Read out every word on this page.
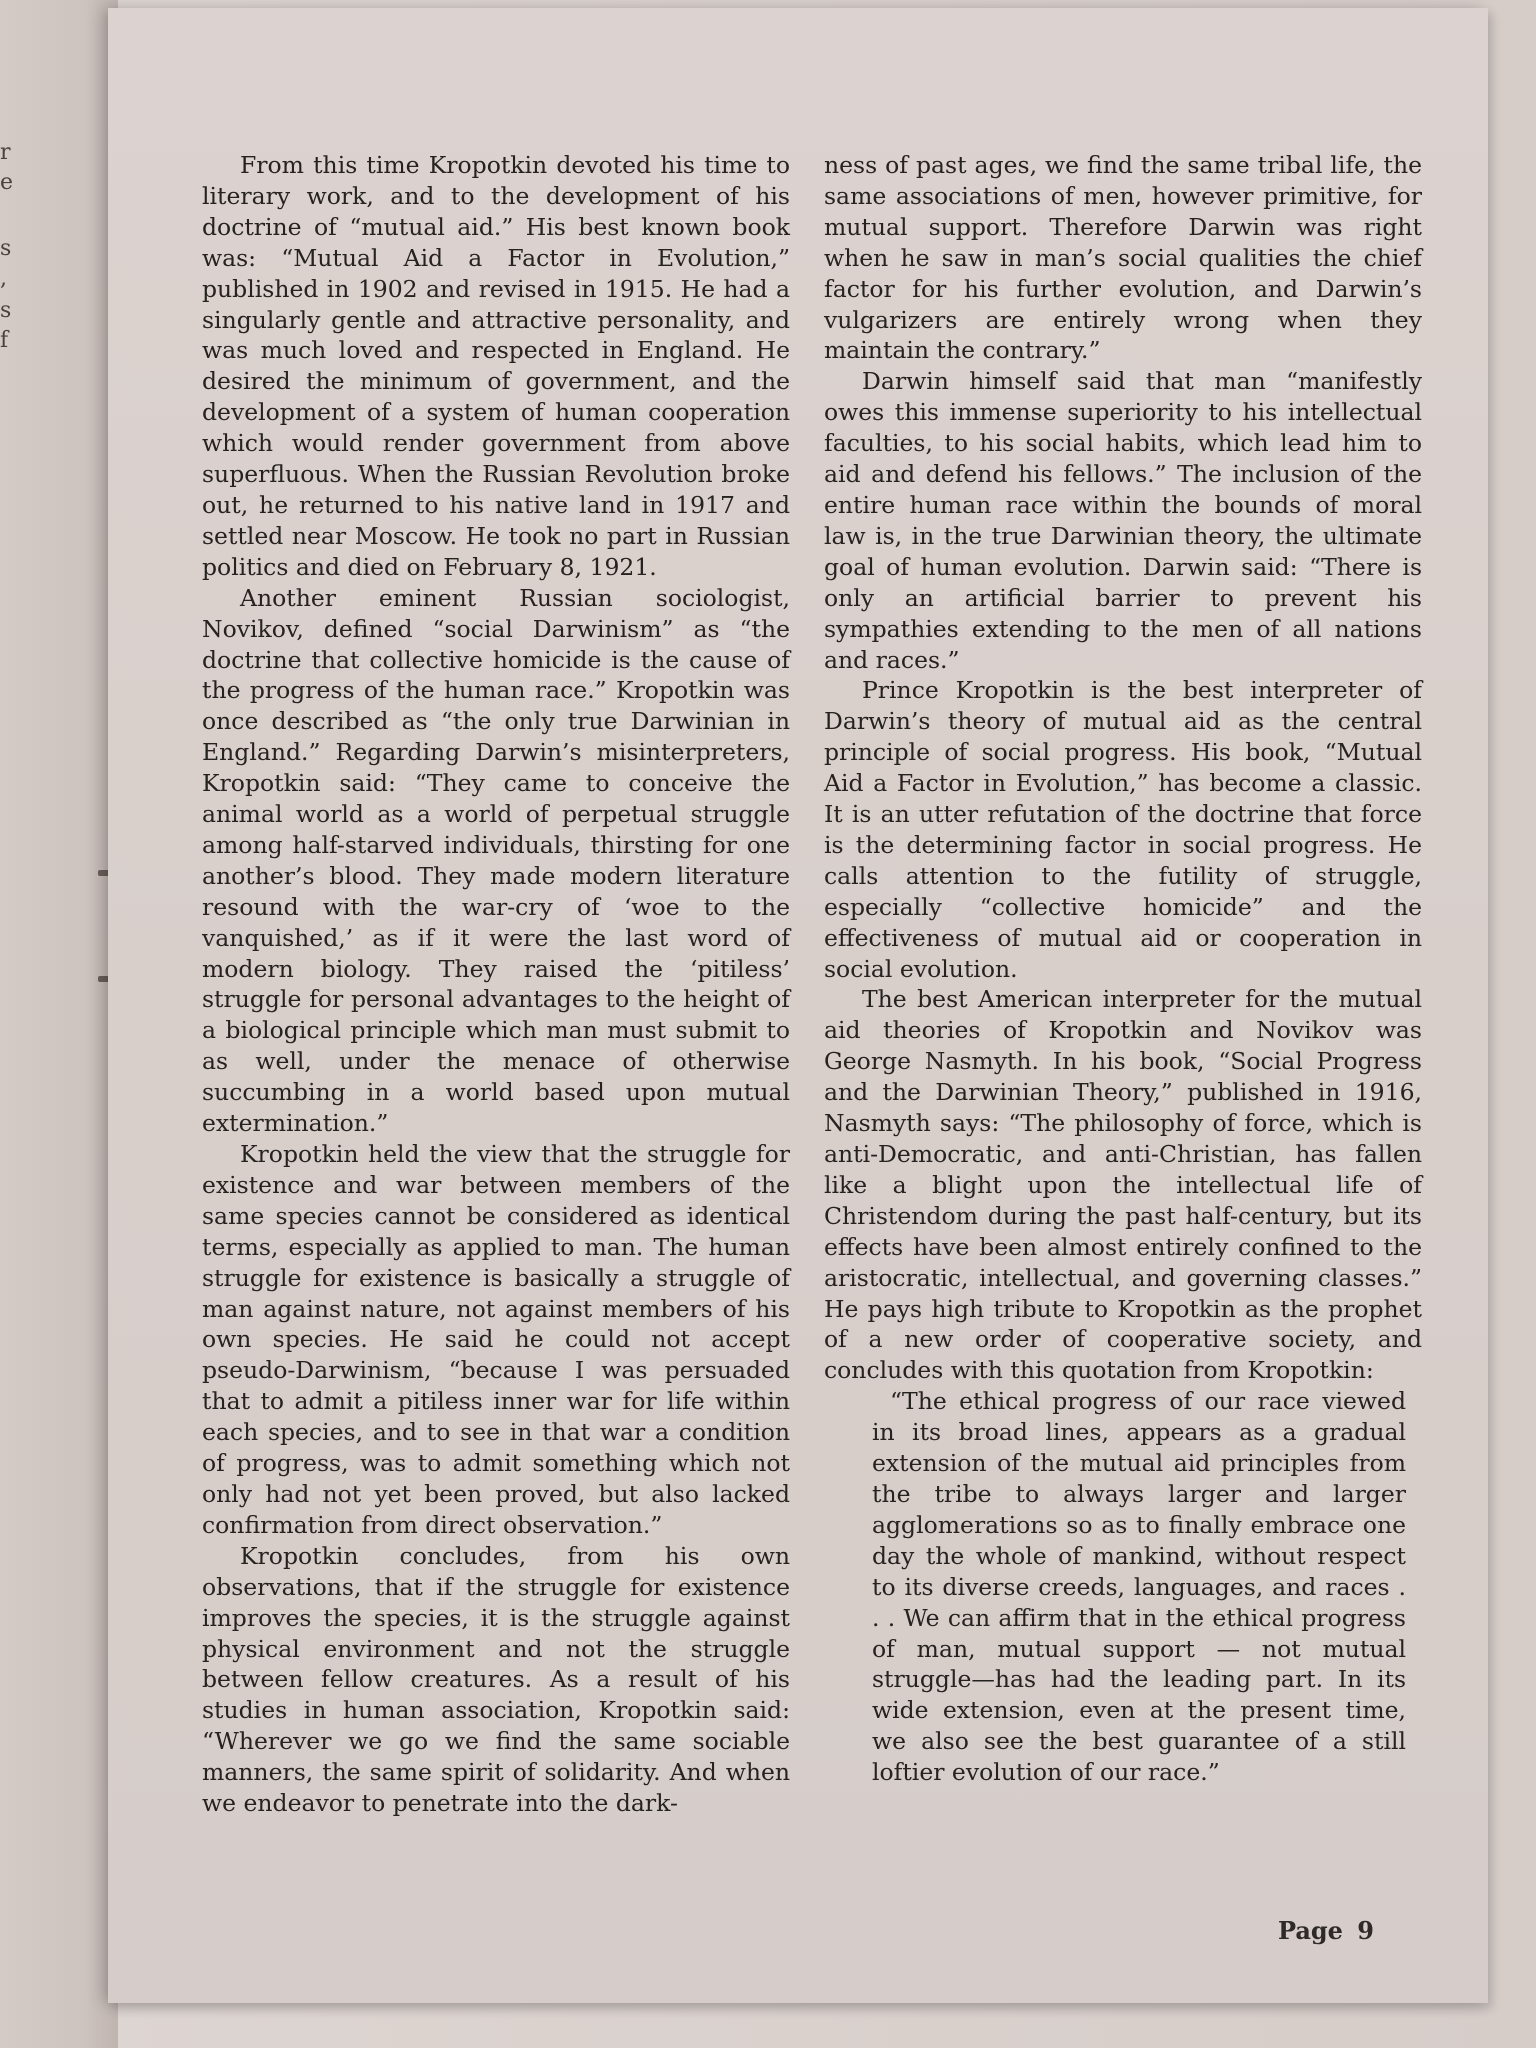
r
e
s
,
s
f

From this time Kropotkin devoted his time to literary work, and to the development of his doctrine of “mutual aid.” His best known book was: “Mutual Aid a Factor in Evolution,” published in 1902 and revised in 1915. He had a singularly gentle and attractive personality, and was much loved and respected in England. He desired the minimum of government, and the development of a system of human cooperation which would render government from above superfluous. When the Russian Revolution broke out, he returned to his native land in 1917 and settled near Moscow. He took no part in Russian politics and died on February 8, 1921.

Another eminent Russian sociologist, Novikov, defined “social Darwinism” as “the doctrine that collective homicide is the cause of the progress of the human race.” Kropotkin was once described as “the only true Darwinian in England.” Regarding Darwin’s misinterpreters, Kropotkin said: “They came to conceive the animal world as a world of perpetual struggle among half-starved individuals, thirsting for one another’s blood. They made modern literature resound with the war-cry of ‘woe to the vanquished,’ as if it were the last word of modern biology. They raised the ‘pitiless’ struggle for personal advantages to the height of a biological principle which man must submit to as well, under the menace of otherwise succumbing in a world based upon mutual extermination.”

Kropotkin held the view that the struggle for existence and war between members of the same species cannot be considered as identical terms, especially as applied to man. The human struggle for existence is basically a struggle of man against nature, not against members of his own species. He said he could not accept pseudo-Darwinism, “because I was persuaded that to admit a pitiless inner war for life within each species, and to see in that war a condition of progress, was to admit something which not only had not yet been proved, but also lacked confirmation from direct observation.”

Kropotkin concludes, from his own observations, that if the struggle for existence improves the species, it is the struggle against physical environment and not the struggle between fellow creatures. As a result of his studies in human association, Kropotkin said: “Wherever we go we find the same sociable manners, the same spirit of solidarity. And when we endeavor to penetrate into the dark-

ness of past ages, we find the same tribal life, the same associations of men, however primitive, for mutual support. Therefore Darwin was right when he saw in man’s social qualities the chief factor for his further evolution, and Darwin’s vulgarizers are entirely wrong when they maintain the contrary.”

Darwin himself said that man “manifestly owes this immense superiority to his intellectual faculties, to his social habits, which lead him to aid and defend his fellows.” The inclusion of the entire human race within the bounds of moral law is, in the true Darwinian theory, the ultimate goal of human evolution. Darwin said: “There is only an artificial barrier to prevent his sympathies extending to the men of all nations and races.”

Prince Kropotkin is the best interpreter of Darwin’s theory of mutual aid as the central principle of social progress. His book, “Mutual Aid a Factor in Evolution,” has become a classic. It is an utter refutation of the doctrine that force is the determining factor in social progress. He calls attention to the futility of struggle, especially “collective homicide” and the effectiveness of mutual aid or cooperation in social evolution.

The best American interpreter for the mutual aid theories of Kropotkin and Novikov was George Nasmyth. In his book, “Social Progress and the Darwinian Theory,” published in 1916, Nasmyth says: “The philosophy of force, which is anti-Democratic, and anti-Christian, has fallen like a blight upon the intellectual life of Christendom during the past half-century, but its effects have been almost entirely confined to the aristocratic, intellectual, and governing classes.” He pays high tribute to Kropotkin as the prophet of a new order of cooperative society, and concludes with this quotation from Kropotkin:

“The ethical progress of our race viewed in its broad lines, appears as a gradual extension of the mutual aid principles from the tribe to always larger and larger agglomerations so as to finally embrace one day the whole of mankind, without respect to its diverse creeds, languages, and races . . . We can affirm that in the ethical progress of man, mutual support — not mutual struggle—has had the leading part. In its wide extension, even at the present time, we also see the best guarantee of a still loftier evolution of our race.”

Page 9
